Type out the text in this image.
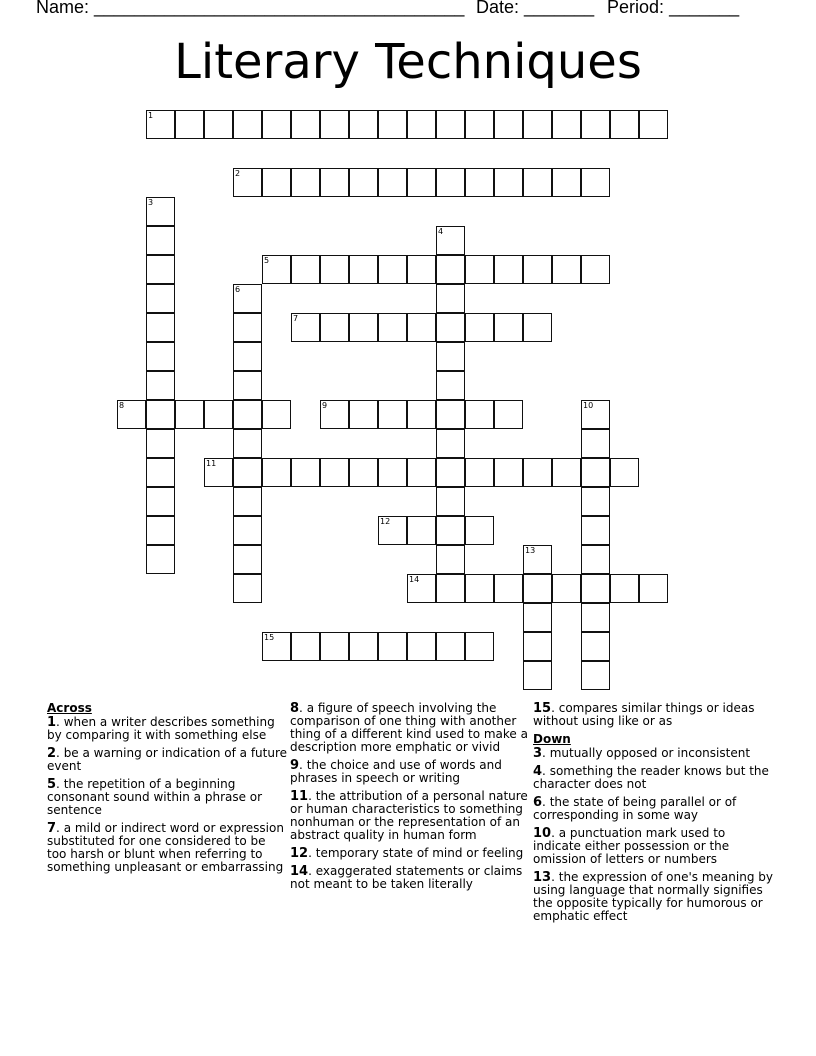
Name: _____________________________________ Date: _______ Period: _______
Literary Techniques
1
2
3
4
5
6
7
8	9	10
11
12
13
14
15
Across
1. when a writer describes something by comparing it with something else
2. be a warning or indication of a future event
5. the repetition of a beginning consonant sound within a phrase or sentence
7. a mild or indirect word or expression substituted for one considered to be too harsh or blunt when referring to something unpleasant or embarrassing
8. a figure of speech involving the comparison of one thing with another thing of a different kind used to make a description more emphatic or vivid
9. the choice and use of words and phrases in speech or writing
11. the attribution of a personal nature or human characteristics to something nonhuman or the representation of an abstract quality in human form
12. temporary state of mind or feeling
14. exaggerated statements or claims not meant to be taken literally
15. compares similar things or ideas without using like or as
Down
3. mutually opposed or inconsistent
4. something the reader knows but the character does not
6. the state of being parallel or of corresponding in some way
10. a punctuation mark used to indicate either possession or the omission of letters or numbers
13. the expression of one's meaning by using language that normally signifies the opposite typically for humorous or emphatic effect
